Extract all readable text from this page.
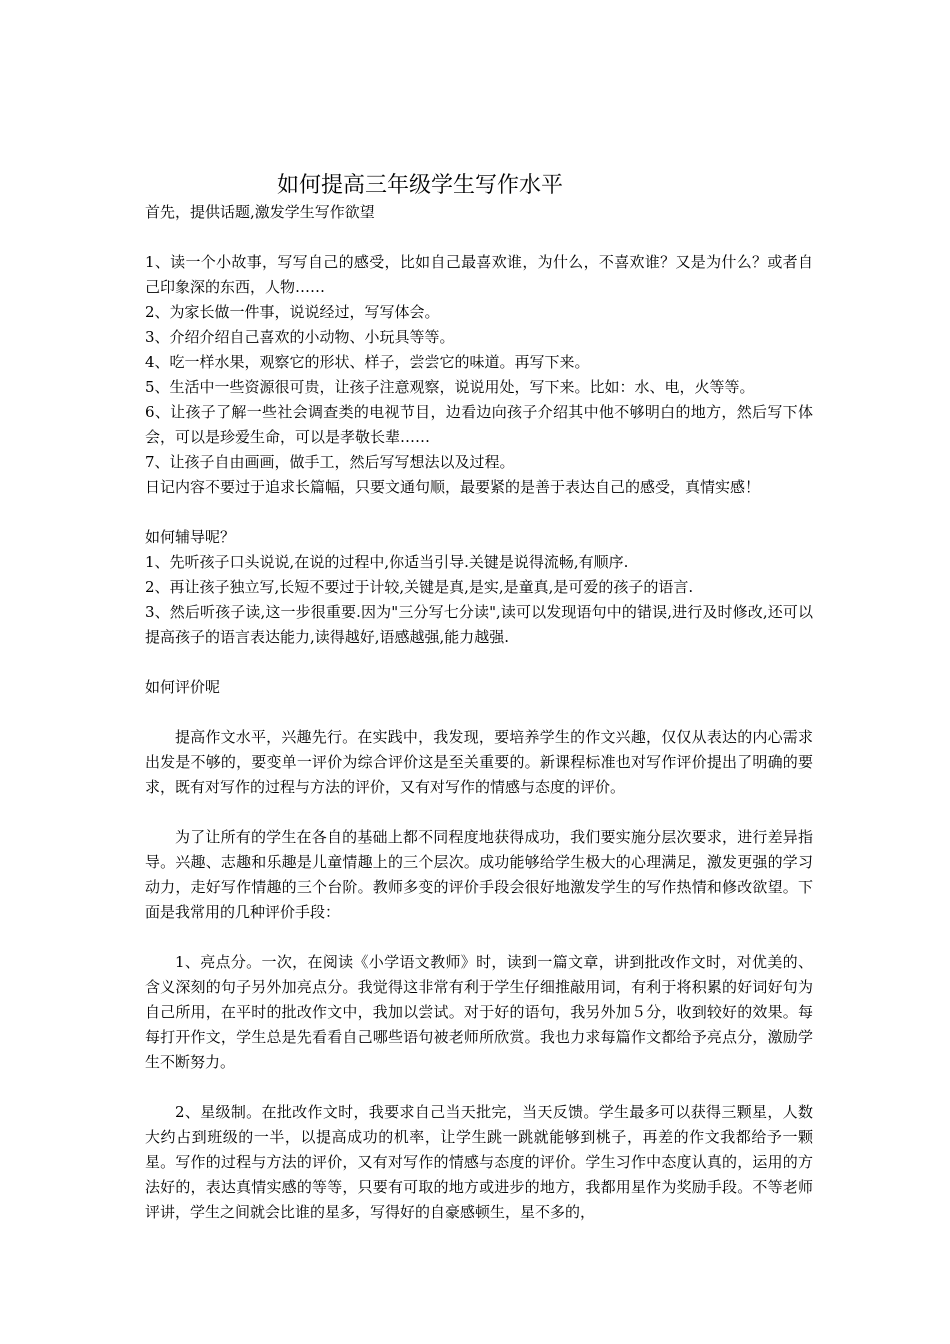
如何提高三年级学生写作水平

首先，提供话题,激发学生写作欲望

1、读一个小故事，写写自己的感受，比如自己最喜欢谁，为什么，不喜欢谁？又是为什么？或者自己印象深的东西，人物……

2、为家长做一件事，说说经过，写写体会。

3、介绍介绍自己喜欢的小动物、小玩具等等。

4、吃一样水果，观察它的形状、样子，尝尝它的味道。再写下来。

5、生活中一些资源很可贵，让孩子注意观察，说说用处，写下来。比如：水、电，火等等。

6、让孩子了解一些社会调查类的电视节目，边看边向孩子介绍其中他不够明白的地方，然后写下体会，可以是珍爱生命，可以是孝敬长辈……

7、让孩子自由画画，做手工，然后写写想法以及过程。

日记内容不要过于追求长篇幅，只要文通句顺，最要紧的是善于表达自己的感受，真情实感！

如何辅导呢？

1、先听孩子口头说说,在说的过程中,你适当引导.关键是说得流畅,有顺序.

2、再让孩子独立写,长短不要过于计较,关键是真,是实,是童真,是可爱的孩子的语言.

3、然后听孩子读,这一步很重要.因为"三分写七分读",读可以发现语句中的错误,进行及时修改,还可以提高孩子的语言表达能力,读得越好,语感越强,能力越强.

如何评价呢

提高作文水平，兴趣先行。在实践中，我发现，要培养学生的作文兴趣，仅仅从表达的内心需求出发是不够的，要变单一评价为综合评价这是至关重要的。新课程标准也对写作评价提出了明确的要求，既有对写作的过程与方法的评价，又有对写作的情感与态度的评价。

为了让所有的学生在各自的基础上都不同程度地获得成功，我们要实施分层次要求，进行差异指导。兴趣、志趣和乐趣是儿童情趣上的三个层次。成功能够给学生极大的心理满足，激发更强的学习动力，走好写作情趣的三个台阶。教师多变的评价手段会很好地激发学生的写作热情和修改欲望。下面是我常用的几种评价手段：

1、亮点分。一次，在阅读《小学语文教师》时，读到一篇文章，讲到批改作文时，对优美的、含义深刻的句子另外加亮点分。我觉得这非常有利于学生仔细推敲用词，有利于将积累的好词好句为自己所用，在平时的批改作文中，我加以尝试。对于好的语句，我另外加５分，收到较好的效果。每每打开作文，学生总是先看看自己哪些语句被老师所欣赏。我也力求每篇作文都给予亮点分，激励学生不断努力。

2、星级制。在批改作文时，我要求自己当天批完，当天反馈。学生最多可以获得三颗星，人数大约占到班级的一半，以提高成功的机率，让学生跳一跳就能够到桃子，再差的作文我都给予一颗星。写作的过程与方法的评价，又有对写作的情感与态度的评价。学生习作中态度认真的，运用的方法好的，表达真情实感的等等，只要有可取的地方或进步的地方，我都用星作为奖励手段。不等老师评讲，学生之间就会比谁的星多，写得好的自豪感顿生，星不多的，
